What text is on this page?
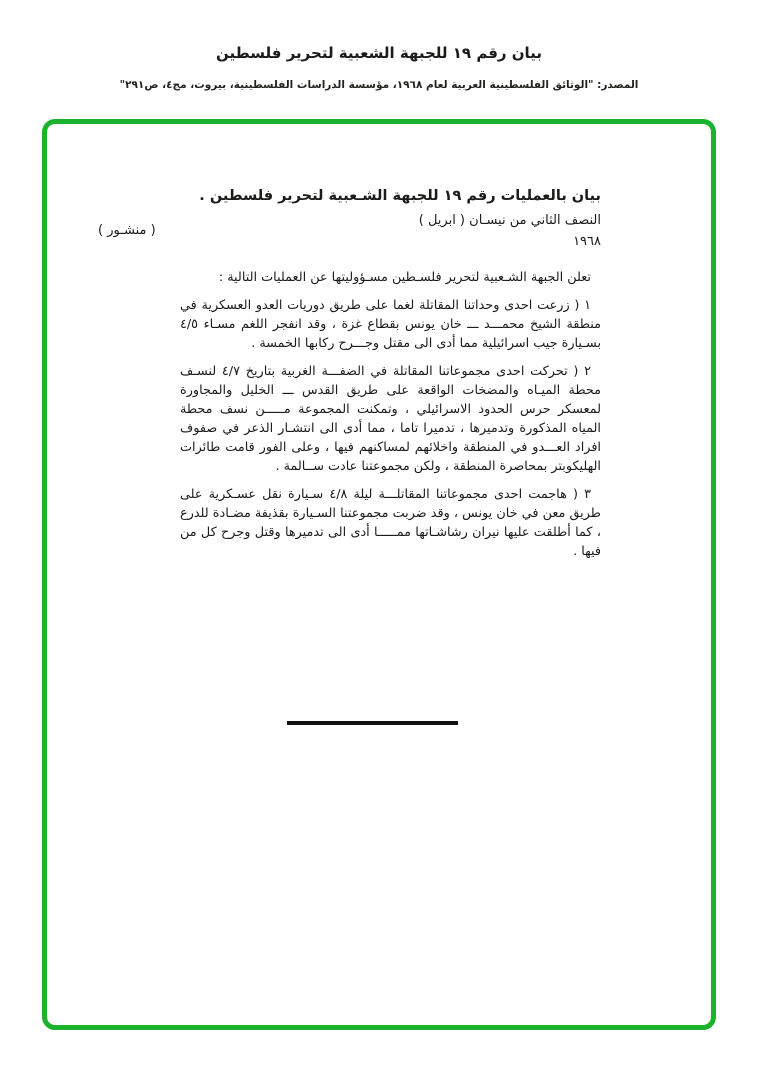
بيان رقم ١٩ للجبهة الشعبية لتحرير فلسطين
المصدر: "الوثائق الفلسطينية العربية لعام ١٩٦٨، مؤسسة الدراسات الفلسطينية، بيروت، مج٤، ص٢٩١"
( منشـور )
بيان بالعمليات رقم ١٩ للجبهة الشـعبية لتحرير فلسطين .
النصف الثاني من نيسـان ( ابريل )
١٩٦٨
تعلن الجبهة الشـعبية لتحرير فلسـطين مسـؤوليتها عن العمليات التالية :
١ ( زرعت احدى وحداتنا المقاتلة لغما على طريق دوريات العدو العسكرية في منطقة الشيخ محمـــد ـــ خان يونس بقطاع غزة ، وقد انفجر اللغم مسـاء ٤/٥ بسـيارة جيب اسرائيلية مما أدى الى مقتل وجـــرح ركابها الخمسة .
٢ ( تحركت احدى مجموعاتنا المقاتلة في الضفـــة الغربية بتاريخ ٤/٧ لنسـف محطة الميـاه والمضخات الواقعة على طريق القدس ـــ الخليل والمجاورة لمعسكر حرس الحدود الاسرائيلي ، وتمكنت المجموعة مـــــن نسف محطة المياه المذكورة وتدميرها ، تدميرا تاما ، مما أدى الى انتشـار الذعر في صفوف افراد العـــدو في المنطقة واخلائهم لمساكنهم فيها ، وعلى الفور قامت طائرات الهليكوبتر بمحاصرة المنطقة ، ولكن مجموعتنا عادت ســالمة .
٣ ( هاجمت احدى مجموعاتنا المقاتلـــة ليلة ٤/٨ سـيارة نقل عسـكرية على طريق معن في خان يونس ، وقد ضربت مجموعتنا السـيارة بقذيفة مضـادة للدرع ، كما أطلقت عليها نيران رشاشـاتها ممـــــا أدى الى تدميرها وقتل وجرح كل من فيها .
